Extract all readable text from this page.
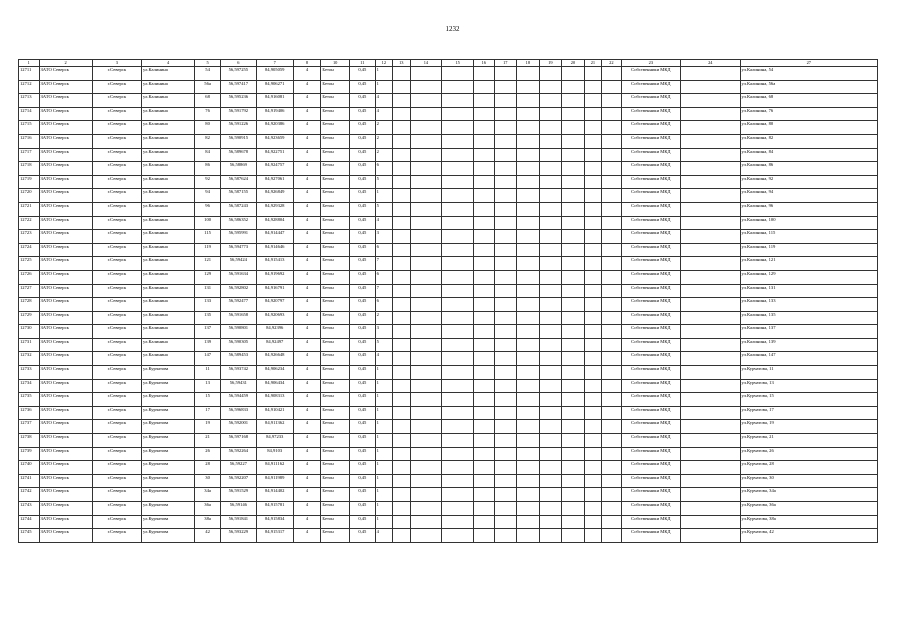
1232
1	2	3	4	5	6	7	8	10	11	12	13	14	15	16	17	18	19	20	21	22	23	24	27
12711	ЗАТО Северск	г.Северск	ул.Калинина	54	56,597255	84,905059	4	Бетон	0,45	1											Собственники МКД		ул.Калинина, 54
12712	ЗАТО Северск	г.Северск	ул.Калинина	56а	56,597417	84,906271	4	Бетон	0,45	1											Собственники МКД		ул.Калинина, 56а
12713	ЗАТО Северск	г.Северск	ул.Калинина	68	56,595236	84,916081	4	Бетон	0,45	4											Собственники МКД		ул.Калинина, 68
12714	ЗАТО Северск	г.Северск	ул.Калинина	76	56,591792	84,919406	4	Бетон	0,45	4											Собственники МКД		ул.Калинина, 76
12715	ЗАТО Северск	г.Северск	ул.Калинина	80	56,591226	84,920386	4	Бетон	0,45	2											Собственники МКД		ул.Калинина, 80
12716	ЗАТО Северск	г.Северск	ул.Калинина	82	56,590915	84,923659	4	Бетон	0,45	2											Собственники МКД		ул.Калинина, 82
12717	ЗАТО Северск	г.Северск	ул.Калинина	84	56,589678	84,922751	4	Бетон	0,45	2											Собственники МКД		ул.Калинина, 84
12718	ЗАТО Северск	г.Северск	ул.Калинина	86	56,58869	84,924757	4	Бетон	0,45	6											Собственники МКД		ул.Калинина, 86
12719	ЗАТО Северск	г.Северск	ул.Калинина	92	56,587624	84,927061	4	Бетон	0,45	5											Собственники МКД		ул.Калинина, 92
12720	ЗАТО Северск	г.Северск	ул.Калинина	94	56,587155	84,926849	4	Бетон	0,45	1											Собственники МКД		ул.Калинина, 94
12721	ЗАТО Северск	г.Северск	ул.Калинина	96	56,587243	84,929328	4	Бетон	0,45	5											Собственники МКД		ул.Калинина, 96
12722	ЗАТО Северск	г.Северск	ул.Калинина	100	56,586352	84,928804	4	Бетон	0,45	4											Собственники МКД		ул.Калинина, 100
12723	ЗАТО Северск	г.Северск	ул.Калинина	115	56,595991	84,914447	4	Бетон	0,45	3											Собственники МКД		ул.Калинина, 115
12724	ЗАТО Северск	г.Северск	ул.Калинина	119	56,594773	84,914646	4	Бетон	0,45	6											Собственники МКД		ул.Калинина, 119
12725	ЗАТО Северск	г.Северск	ул.Калинина	121	56,59424	84,915413	4	Бетон	0,45	7											Собственники МКД		ул.Калинина, 121
12726	ЗАТО Северск	г.Северск	ул.Калинина	129	56,591634	84,919692	4	Бетон	0,45	6											Собственники МКД		ул.Калинина, 129
12727	ЗАТО Северск	г.Северск	ул.Калинина	131	56,592802	84,916791	4	Бетон	0,45	7											Собственники МКД		ул.Калинина, 131
12728	ЗАТО Северск	г.Северск	ул.Калинина	133	56,592477	84,920797	4	Бетон	0,45	6											Собственники МКД		ул.Калинина, 133
12729	ЗАТО Северск	г.Северск	ул.Калинина	135	56,591658	84,920693	4	Бетон	0,45	2											Собственники МКД		ул.Калинина, 135
12730	ЗАТО Северск	г.Северск	ул.Калинина	137	56,590801	84,92396	4	Бетон	0,45	3											Собственники МКД		ул.Калинина, 137
12731	ЗАТО Северск	г.Северск	ул.Калинина	139	56,590305	84,92497	4	Бетон	0,45	5											Собственники МКД		ул.Калинина, 139
12732	ЗАТО Северск	г.Северск	ул.Калинина	147	56,589453	84,926648	4	Бетон	0,45	4											Собственники МКД		ул.Калинина, 147
12733	ЗАТО Северск	г.Северск	ул.Курчатова	11	56,593742	84,906234	4	Бетон	0,45	1											Собственники МКД		ул.Курчатова, 11
12734	ЗАТО Северск	г.Северск	ул.Курчатова	13	56,59431	84,906434	4	Бетон	0,45	1											Собственники МКД		ул.Курчатова, 13
12735	ЗАТО Северск	г.Северск	ул.Курчатова	15	56,594459	84,908313	4	Бетон	0,45	1											Собственники МКД		ул.Курчатова, 15
12736	ЗАТО Северск	г.Северск	ул.Курчатова	17	56,596833	84,910421	4	Бетон	0,45	1											Собственники МКД		ул.Курчатова, 17
12737	ЗАТО Северск	г.Северск	ул.Курчатова	19	56,592001	84,911362	4	Бетон	0,45	1											Собственники МКД		ул.Курчатова, 19
12738	ЗАТО Северск	г.Северск	ул.Курчатова	21	56,597168	84,97233	4	Бетон	0,45	1											Собственники МКД		ул.Курчатова, 21
12739	ЗАТО Северск	г.Северск	ул.Курчатова	26	56,592264	84,9103	4	Бетон	0,45	1											Собственники МКД		ул.Курчатова, 26
12740	ЗАТО Северск	г.Северск	ул.Курчатова	28	56,59227	84,911162	4	Бетон	0,45	1											Собственники МКД		ул.Курчатова, 28
12741	ЗАТО Северск	г.Северск	ул.Курчатова	30	56,592207	84,911989	4	Бетон	0,45	1											Собственники МКД		ул.Курчатова, 30
12742	ЗАТО Северск	г.Северск	ул.Курчатова	34а	56,591529	84,914402	4	Бетон	0,45	1											Собственники МКД		ул.Курчатова, 34а
12743	ЗАТО Северск	г.Северск	ул.Курчатова	36а	56,59146	84,915781	4	Бетон	0,45	1											Собственники МКД		ул.Курчатова, 36а
12744	ЗАТО Северск	г.Северск	ул.Курчатова	38а	56,591841	84,915834	4	Бетон	0,45	1											Собственники МКД		ул.Курчатова, 38а
12745	ЗАТО Северск	г.Северск	ул.Курчатова	42	56,593229	84,915317	4	Бетон	0,45	4											Собственники МКД		ул.Курчатова, 42
